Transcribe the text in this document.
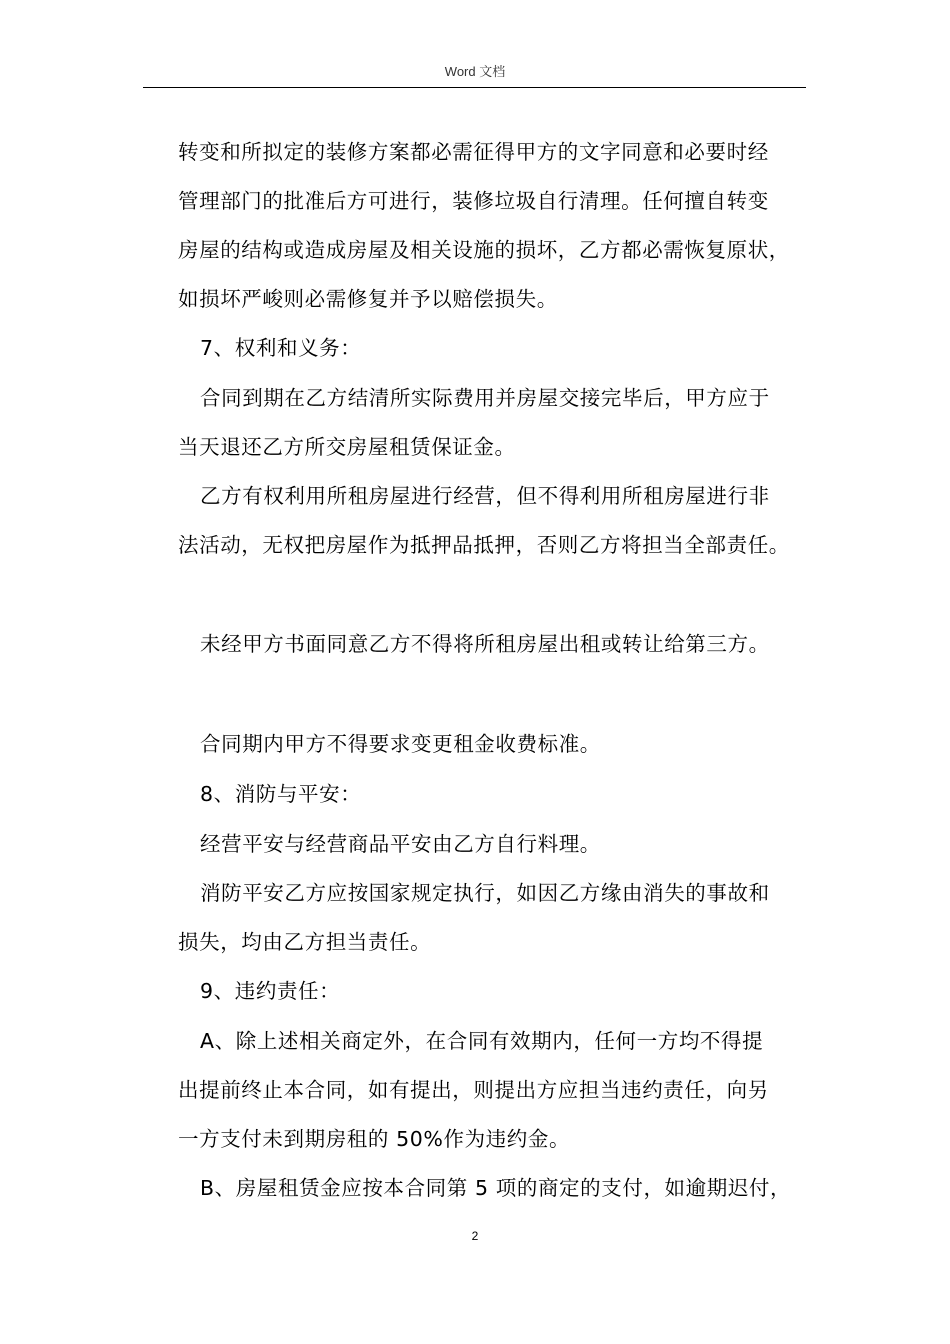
Word 文档
转变和所拟定的装修方案都必需征得甲方的文字同意和必要时经
管理部门的批准后方可进行，装修垃圾自行清理。任何擅自转变
房屋的结构或造成房屋及相关设施的损坏，乙方都必需恢复原状，
如损坏严峻则必需修复并予以赔偿损失。
7、权利和义务：
合同到期在乙方结清所实际费用并房屋交接完毕后，甲方应于
当天退还乙方所交房屋租赁保证金。
乙方有权利用所租房屋进行经营，但不得利用所租房屋进行非
法活动，无权把房屋作为抵押品抵押，否则乙方将担当全部责任。
未经甲方书面同意乙方不得将所租房屋出租或转让给第三方。
合同期内甲方不得要求变更租金收费标准。
8、消防与平安：
经营平安与经营商品平安由乙方自行料理。
消防平安乙方应按国家规定执行，如因乙方缘由消失的事故和
损失，均由乙方担当责任。
9、违约责任：
A、除上述相关商定外，在合同有效期内，任何一方均不得提
出提前终止本合同，如有提出，则提出方应担当违约责任，向另
一方支付未到期房租的 50%作为违约金。
B、房屋租赁金应按本合同第 5 项的商定的支付，如逾期迟付，
2
